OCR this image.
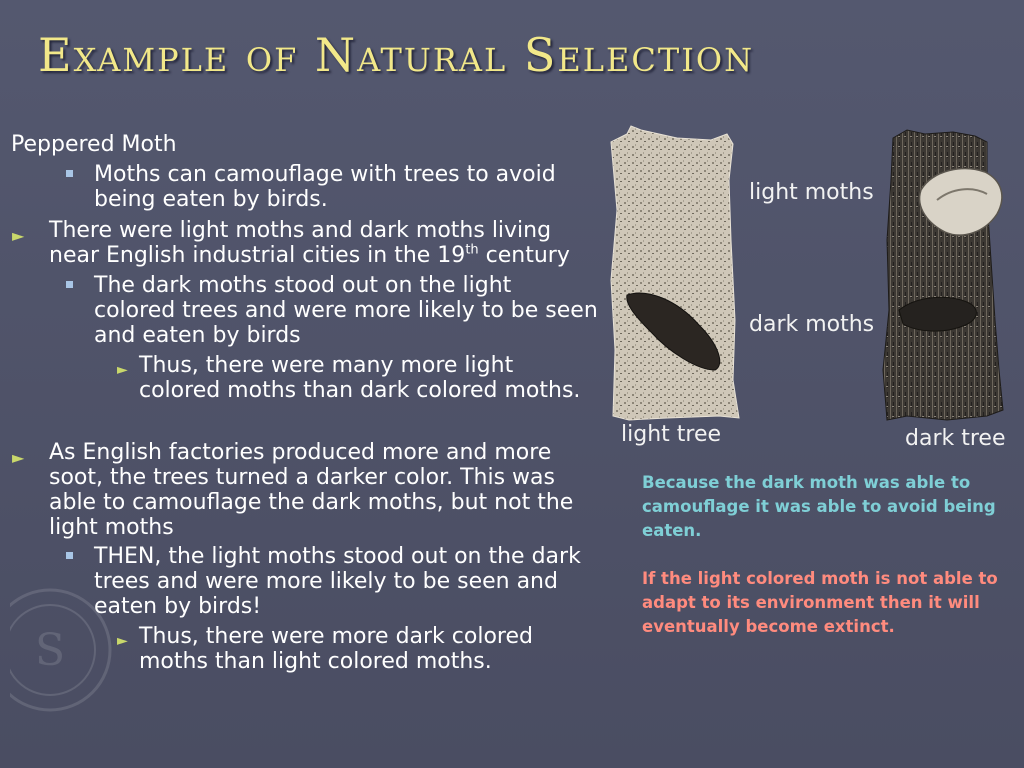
S
Example of Natural Selection
Peppered Moth
Moths can camouflage with trees to avoid
being eaten by birds.
► There were light moths and dark moths living
near English industrial cities in the 19th century
The dark moths stood out on the light
colored trees and were more likely to be seen
and eaten by birds
► Thus, there were many more light
colored moths than dark colored moths.
► As English factories produced more and more
soot, the trees turned a darker color. This was
able to camouflage the dark moths, but not the
light moths
THEN, the light moths stood out on the dark
trees and were more likely to be seen and
eaten by birds!
► Thus, there were more dark colored
moths than light colored moths.
light moths
dark moths
light tree	dark tree
Because the dark moth was able to camouflage it was able to avoid being eaten.
If the light colored moth is not able to adapt to its environment then it will eventually become extinct.
